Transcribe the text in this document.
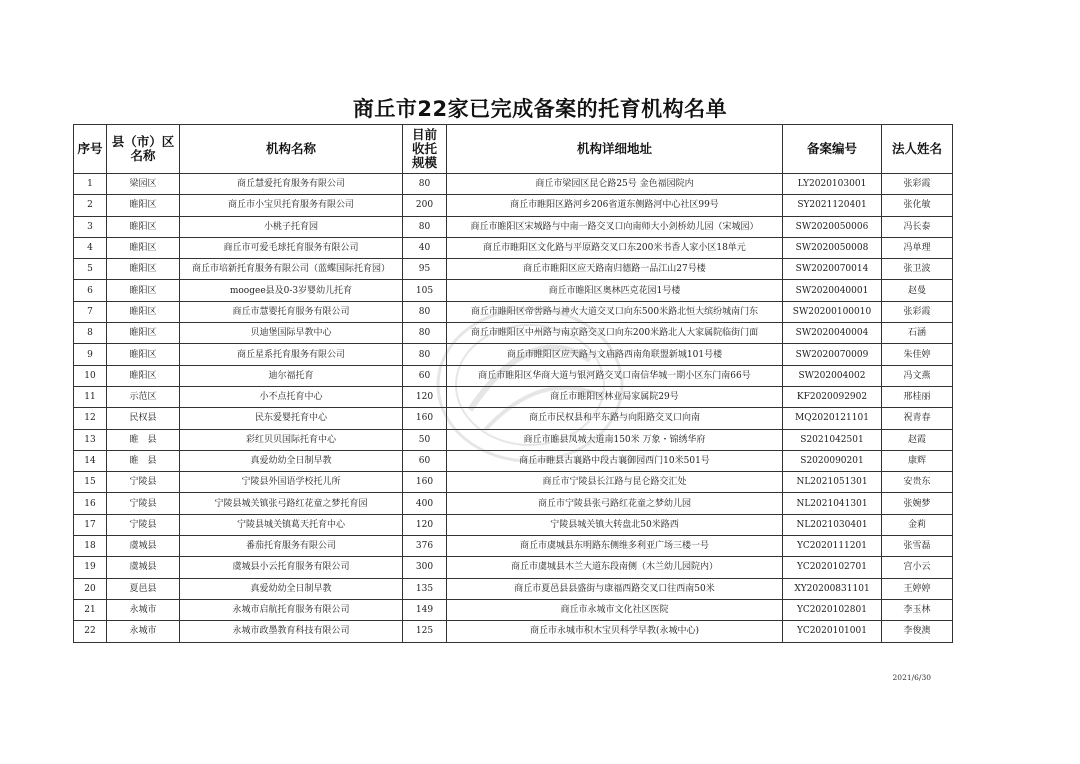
商丘市22家已完成备案的托育机构名单
序号	县（市）区名称	机构名称	目前收托规模	机构详细地址	备案编号	法人姓名
1	梁园区	商丘慧爱托育服务有限公司	80	商丘市梁园区昆仑路25号 金色福园院内	LY2020103001	张彩霞
2	睢阳区	商丘市小宝贝托育服务有限公司	200	商丘市睢阳区路河乡206省道东侧路河中心社区99号	SY2021120401	张化敏
3	睢阳区	小桃子托育园	80	商丘市睢阳区宋城路与中南一路交叉口向南师大小剑桥幼儿园（宋城园）	SW2020050006	冯长泰
4	睢阳区	商丘市可爱毛球托育服务有限公司	40	商丘市睢阳区文化路与平原路交叉口东200米书香人家小区18单元	SW2020050008	冯单理
5	睢阳区	商丘市培新托育服务有限公司（蓝蝶国际托育园）	95	商丘市睢阳区应天路南归德路一品江山27号楼	SW2020070014	张卫波
6	睢阳区	moogee县及0-3岁婴幼儿托育	105	商丘市睢阳区奥林匹克花园1号楼	SW2020040001	赵曼
7	睢阳区	商丘市慧婴托育服务有限公司	80	商丘市睢阳区帝喾路与神火大道交叉口向东500米路北恒大缤纷城南门东	SW20200100010	张彩霞
8	睢阳区	贝迪堡国际早教中心	80	商丘市睢阳区中州路与南京路交叉口向东200米路北人大家属院临街门面	SW2020040004	石涵
9	睢阳区	商丘星系托育服务有限公司	80	商丘市睢阳区应天路与文庙路西南角联盟新城101号楼	SW2020070009	朱佳婷
10	睢阳区	迪尔福托育	60	商丘市睢阳区华商大道与银河路交叉口南信华城一期小区东门南66号	SW202004002	冯文燕
11	示范区	小不点托育中心	120	商丘市睢阳区林业局家属院29号	KF2020092902	邢桂丽
12	民权县	民东爱婴托育中心	160	商丘市民权县和平东路与向阳路交叉口向南	MQ2020121101	祝青春
13	睢　县	彩红贝贝国际托育中心	50	商丘市睢县凤城大道南150米 万象・锦绣华府	S2021042501	赵霞
14	睢　县	真爱幼幼全日制早教	60	商丘市睢县古襄路中段古襄御园西门10米501号	S2020090201	康辉
15	宁陵县	宁陵县外国语学校托儿所	160	商丘市宁陵县长江路与昆仑路交汇处	NL2021051301	安贵东
16	宁陵县	宁陵县城关镇张弓路红花童之梦托育园	400	商丘市宁陵县张弓路红花童之梦幼儿园	NL2021041301	张婉梦
17	宁陵县	宁陵县城关镇葛天托育中心	120	宁陵县城关镇大转盘北50米路西	NL2021030401	金莉
18	虞城县	番茄托育服务有限公司	376	商丘市虞城县东明路东侧维多利亚广场三楼一号	YC2020111201	张雪磊
19	虞城县	虞城县小云托育服务有限公司	300	商丘市虞城县木兰大道东段南侧（木兰幼儿园院内）	YC2020102701	宫小云
20	夏邑县	真爱幼幼全日制早教	135	商丘市夏邑县县盛街与康福西路交叉口往西南50米	XY20200831101	王婷婷
21	永城市	永城市启航托育服务有限公司	149	商丘市永城市文化社区医院	YC2020102801	李玉林
22	永城市	永城市政墨教育科技有限公司	125	商丘市永城市积木宝贝科学早教(永城中心)	YC2020101001	李俊澳
2021/6/30
